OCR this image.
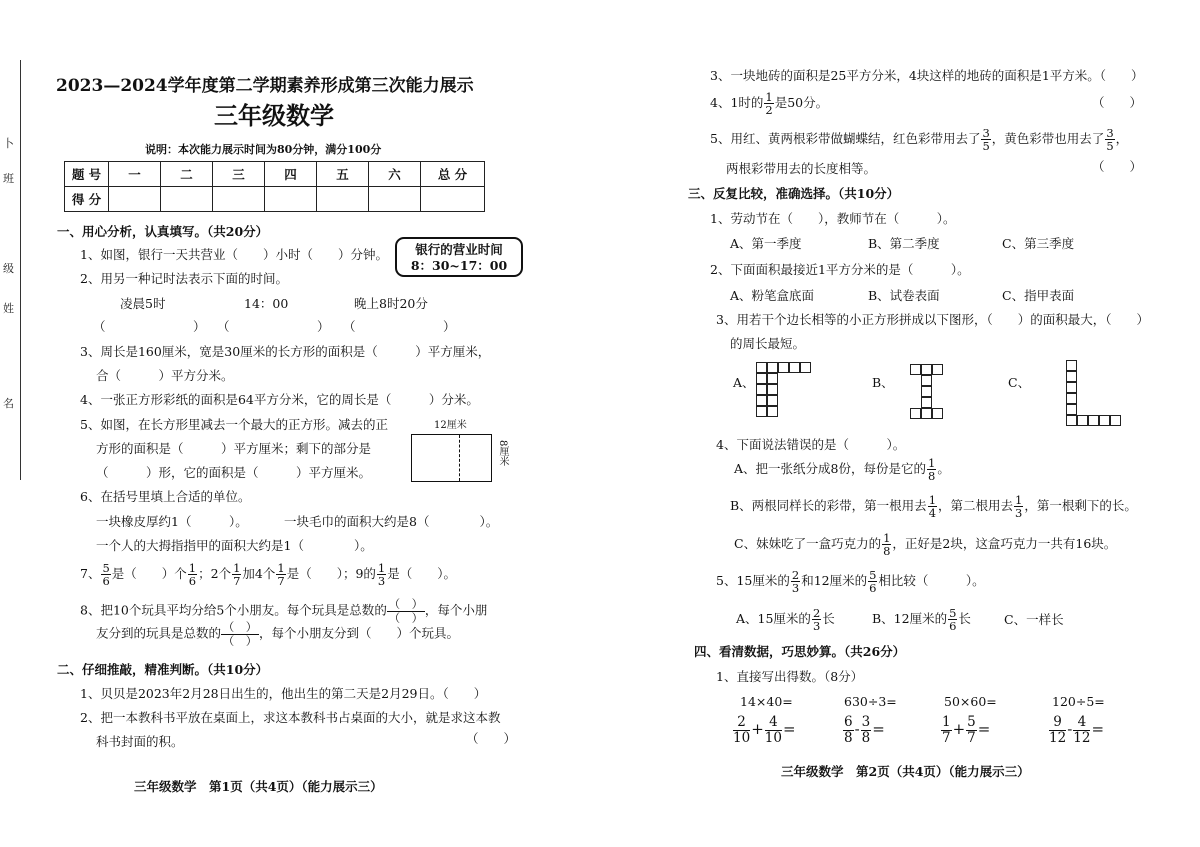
卜
班
级
姓
名
2023—2024学年度第二学期素养形成第三次能力展示
三年级数学
说明：本次能力展示时间为80分钟，满分100分
题 号	一	二	三	四	五	六	总 分
得 分							
一、用心分析，认真填写。（共20分）
1、如图，银行一天共营业（　　）小时（　　）分钟。	银行的营业时间
8：30~17：00
2、用另一种记时法表示下面的时间。
凌晨5时	14：00	晚上8时20分
（　　　　　　　） （　　　　　　　） （　　　　　　　）
3、周长是160厘米，宽是30厘米的长方形的面积是（　　　）平方厘米，
合（　　　）平方分米。
4、一张正方形彩纸的面积是64平方分米，它的周长是（　　　）分米。
5、如图，在长方形里减去一个最大的正方形。减去的正
方形的面积是（　　　）平方厘米；剩下的部分是
（　　　）形，它的面积是（　　　）平方厘米。
12厘米
8厘米
6、在括号里填上合适的单位。
一块橡皮厚约1（　　　）。	一块毛巾的面积大约是8（　　　　）。
一个人的大拇指指甲的面积大约是1（　　　　）。
7、 $\frac{5}{6}$ 是（　　）个 $\frac{1}{6}$ ；2个 $\frac{1}{7}$ 加4个 $\frac{1}{7}$ 是（　　）；9的 $\frac{1}{3}$ 是（　　）。
8、把10个玩具平均分给5个小朋友。每个玩具是总数的 （　）
（　）
，每个小朋
友分到的玩具是总数的 （　）
（　）
，每个小朋友分到（　　）个玩具。
二、仔细推敲，精准判断。（共10分）
1、贝贝是2023年2月28日出生的，他出生的第二天是2月29日。（　　）
2、把一本教科书平放在桌面上，求这本教科书占桌面的大小，就是求这本教
科书封面的积。	（　　）
三年级数学　第1页（共4页）（能力展示三）
3、一块地砖的面积是25平方分米，4块这样的地砖的面积是1平方米。（　　）
4、1时的 $\frac{1}{2}$ 是50分。	（　　）
5、用红、黄两根彩带做蝴蝶结，红色彩带用去了 $\frac{3}{5}$ ，黄色彩带也用去了 $\frac{3}{5}$ ，
两根彩带用去的长度相等。	（　　）
三、反复比较，准确选择。（共10分）
1、劳动节在（　　），教师节在（　　　）。
A、第一季度	B、第二季度	C、第三季度
2、下面面积最接近1平方分米的是（　　　）。
A、粉笔盒底面	B、试卷表面	C、指甲表面
3、用若干个边长相等的小正方形拼成以下图形，（　　）的面积最大，（　　）
的周长最短。
A、	B、	C、
4、下面说法错误的是（　　　）。
A、把一张纸分成8份，每份是它的 $\frac{1}{8}$ 。
B、两根同样长的彩带，第一根用去 $\frac{1}{4}$ ，第二根用去 $\frac{1}{3}$ ，第一根剩下的长。
C、妹妹吃了一盒巧克力的 $\frac{1}{8}$ ，正好是2块，这盒巧克力一共有16块。
5、15厘米的 $\frac{2}{3}$ 和12厘米的 $\frac{5}{6}$ 相比较（　　　）。
A、15厘米的 $\frac{2}{3}$ 长	B、12厘米的 $\frac{5}{6}$ 长	C、一样长
四、看清数据，巧思妙算。（共26分）
1、直接写出得数。（8分）
14×40=	630÷3=	50×60=	120÷5=
$\frac{2}{10} + \frac{4}{10}$ =	$\frac{6}{8} - \frac{3}{8}$ =	$\frac{1}{7} + \frac{5}{7}$ =	$\frac{9}{12} - \frac{4}{12}$ =
三年级数学　第2页（共4页）（能力展示三）
